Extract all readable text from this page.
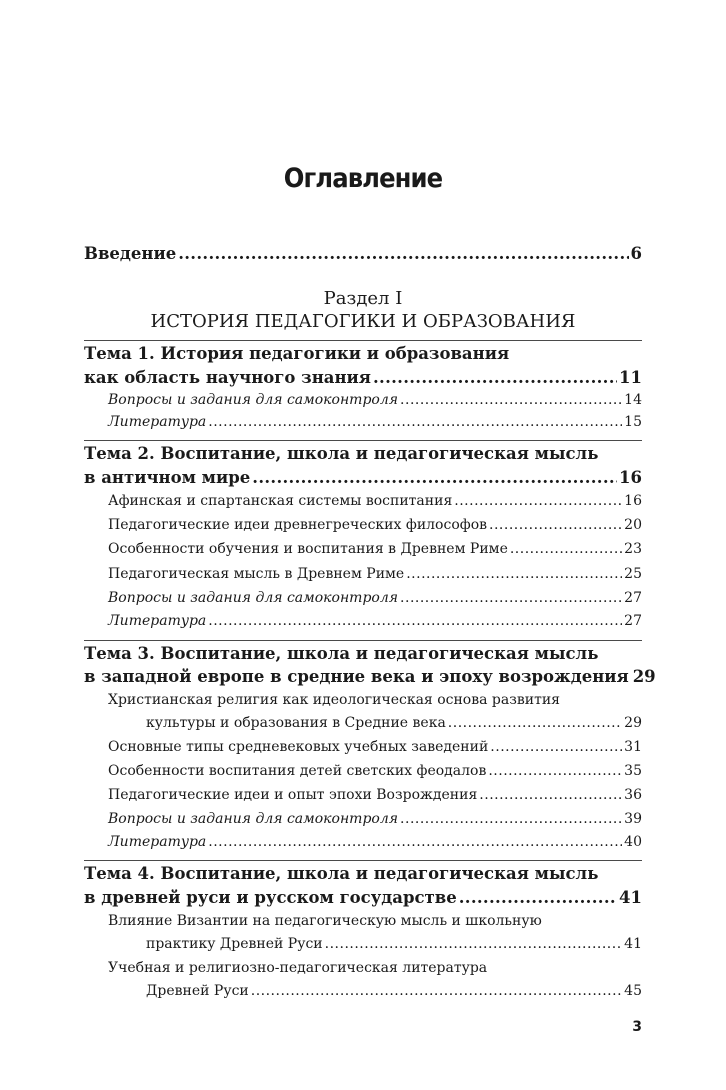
Оглавление
Введение .....	6
Раздел I
ИСТОРИЯ ПЕДАГОГИКИ И ОБРАЗОВАНИЯ
Тема 1. История педагогики и образования
как область научного знания .....	11
Вопросы и задания для самоконтроля .....	14
Литература .....	15
Тема 2. Воспитание, школа и педагогическая мысль
в античном мире .....	16
Афинская и спартанская системы воспитания .....	16
Педагогические идеи древнегреческих философов .....	20
Особенности обучения и воспитания в Древнем Риме .....	23
Педагогическая мысль в Древнем Риме .....	25
Вопросы и задания для самоконтроля .....	27
Литература .....	27
Тема 3. Воспитание, школа и педагогическая мысль
в западной европе в средние века и эпоху возрождения 29
Христианская религия как идеологическая основа развития
культуры и образования в Средние века .....	29
Основные типы средневековых учебных заведений .....	31
Особенности воспитания детей светских феодалов .....	35
Педагогические идеи и опыт эпохи Возрождения .....	36
Вопросы и задания для самоконтроля .....	39
Литература .....	40
Тема 4. Воспитание, школа и педагогическая мысль
в древней руси и русском государстве .....	41
Влияние Византии на педагогическую мысль и школьную
практику Древней Руси .....	41
Учебная и религиозно-педагогическая литература
Древней Руси .....	45
3
